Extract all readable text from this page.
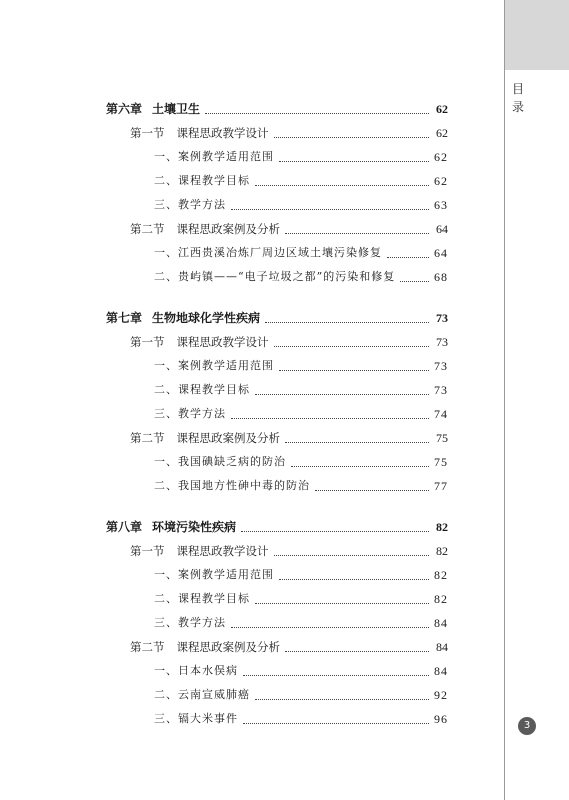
目
录
3
第六章 土壤卫生	62
第一节 课程思政教学设计	62
一、案例教学适用范围	62
二、课程教学目标	62
三、教学方法	63
第二节 课程思政案例及分析	64
一、江西贵溪冶炼厂周边区域土壤污染修复	64
二、贵屿镇——“电子垃圾之都”的污染和修复	68
第七章 生物地球化学性疾病	73
第一节 课程思政教学设计	73
一、案例教学适用范围	73
二、课程教学目标	73
三、教学方法	74
第二节 课程思政案例及分析	75
一、我国碘缺乏病的防治	75
二、我国地方性砷中毒的防治	77
第八章 环境污染性疾病	82
第一节 课程思政教学设计	82
一、案例教学适用范围	82
二、课程教学目标	82
三、教学方法	84
第二节 课程思政案例及分析	84
一、日本水俣病	84
二、云南宣威肺癌	92
三、镉大米事件	96
